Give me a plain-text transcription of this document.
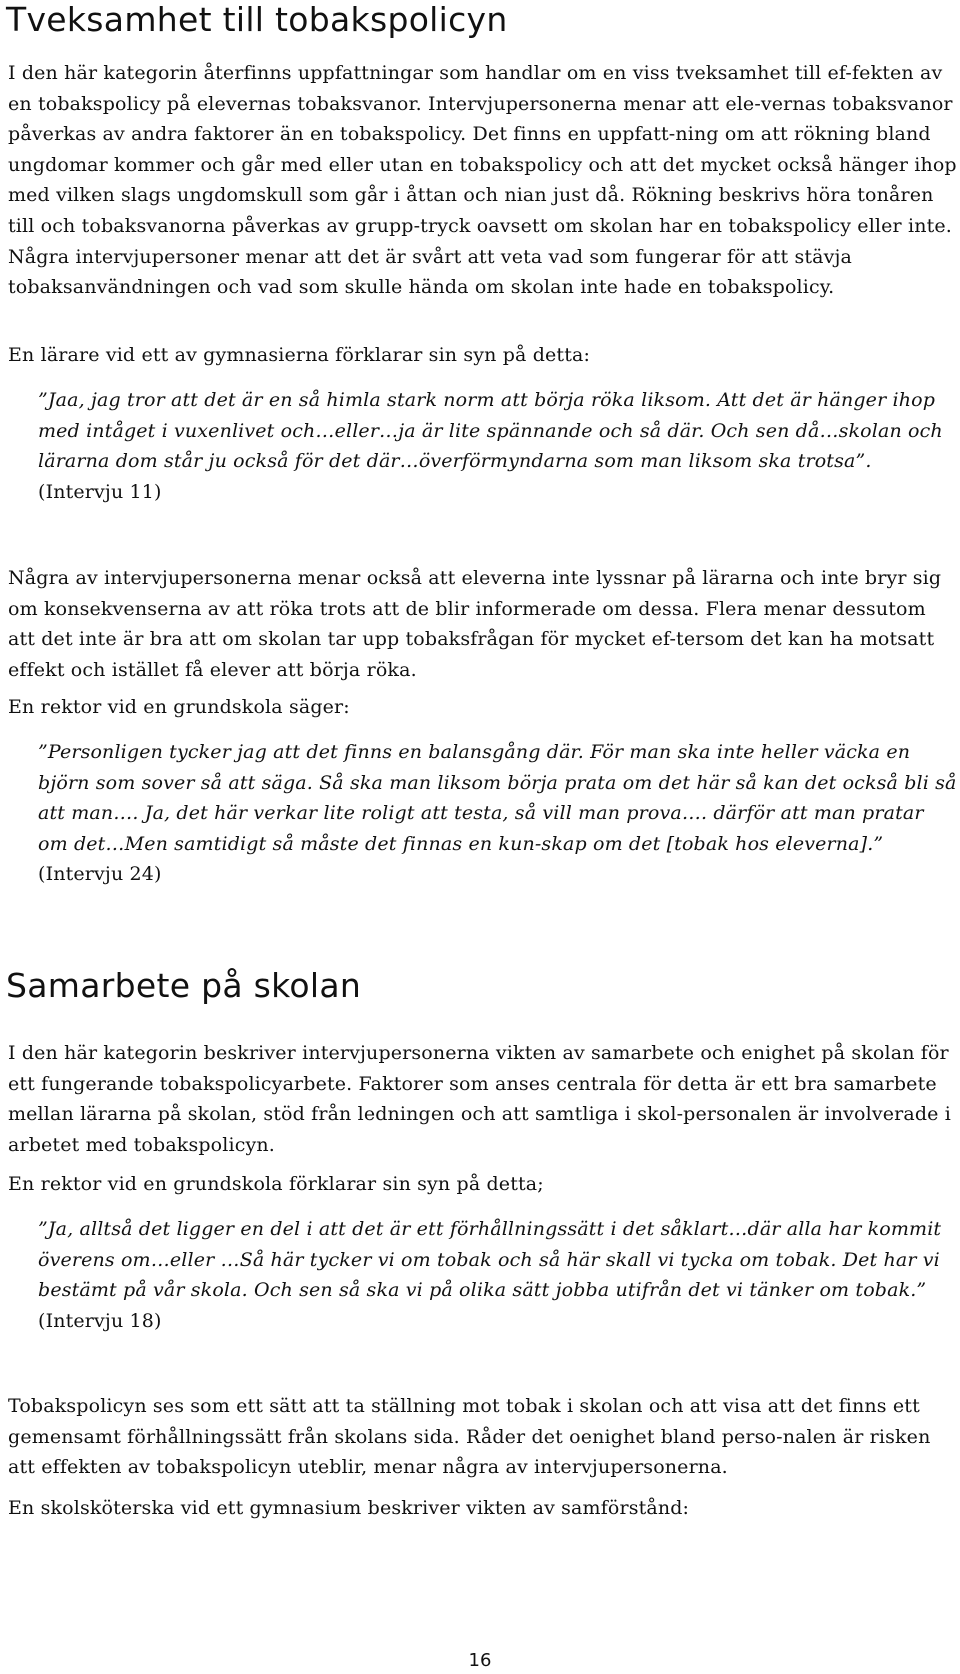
Tveksamhet till tobakspolicyn

I den här kategorin återfinns uppfattningar som handlar om en viss tveksamhet till ef-fekten av en tobakspolicy på elevernas tobaksvanor. Intervjupersonerna menar att ele-vernas tobaksvanor påverkas av andra faktorer än en tobakspolicy. Det finns en uppfatt-ning om att rökning bland ungdomar kommer och går med eller utan en tobakspolicy och att det mycket också hänger ihop med vilken slags ungdomskull som går i åttan och nian just då. Rökning beskrivs höra tonåren till och tobaksvanorna påverkas av grupp-tryck oavsett om skolan har en tobakspolicy eller inte. Några intervjupersoner menar att det är svårt att veta vad som fungerar för att stävja tobaksanvändningen och vad som skulle hända om skolan inte hade en tobakspolicy.

En lärare vid ett av gymnasierna förklarar sin syn på detta:

”Jaa, jag tror att det är en så himla stark norm att börja röka liksom. Att det är hänger ihop med intåget i vuxenlivet och…eller…ja är lite spännande och så där. Och sen då…skolan och lärarna dom står ju också för det där…överförmyndarna som man liksom ska trotsa”. (Intervju 11)

Några av intervjupersonerna menar också att eleverna inte lyssnar på lärarna och inte bryr sig om konsekvenserna av att röka trots att de blir informerade om dessa. Flera menar dessutom att det inte är bra att om skolan tar upp tobaksfrågan för mycket ef-tersom det kan ha motsatt effekt och istället få elever att börja röka.

En rektor vid en grundskola säger:

”Personligen tycker jag att det finns en balansgång där. För man ska inte heller väcka en björn som sover så att säga. Så ska man liksom börja prata om det här så kan det också bli så att man…. Ja, det här verkar lite roligt att testa, så vill man prova…. därför att man pratar om det…Men samtidigt så måste det finnas en kun-skap om det [tobak hos eleverna].” (Intervju 24)

Samarbete på skolan

I den här kategorin beskriver intervjupersonerna vikten av samarbete och enighet på skolan för ett fungerande tobakspolicyarbete. Faktorer som anses centrala för detta är ett bra samarbete mellan lärarna på skolan, stöd från ledningen och att samtliga i skol-personalen är involverade i arbetet med tobakspolicyn.

En rektor vid en grundskola förklarar sin syn på detta;

”Ja, alltså det ligger en del i att det är ett förhållningssätt i det såklart…där alla har kommit överens om…eller …Så här tycker vi om tobak och så här skall vi tycka om tobak. Det har vi bestämt på vår skola. Och sen så ska vi på olika sätt jobba utifrån det vi tänker om tobak.” (Intervju 18)

Tobakspolicyn ses som ett sätt att ta ställning mot tobak i skolan och att visa att det finns ett gemensamt förhållningssätt från skolans sida. Råder det oenighet bland perso-nalen är risken att effekten av tobakspolicyn uteblir, menar några av intervjupersonerna.

En skolsköterska vid ett gymnasium beskriver vikten av samförstånd:

16
